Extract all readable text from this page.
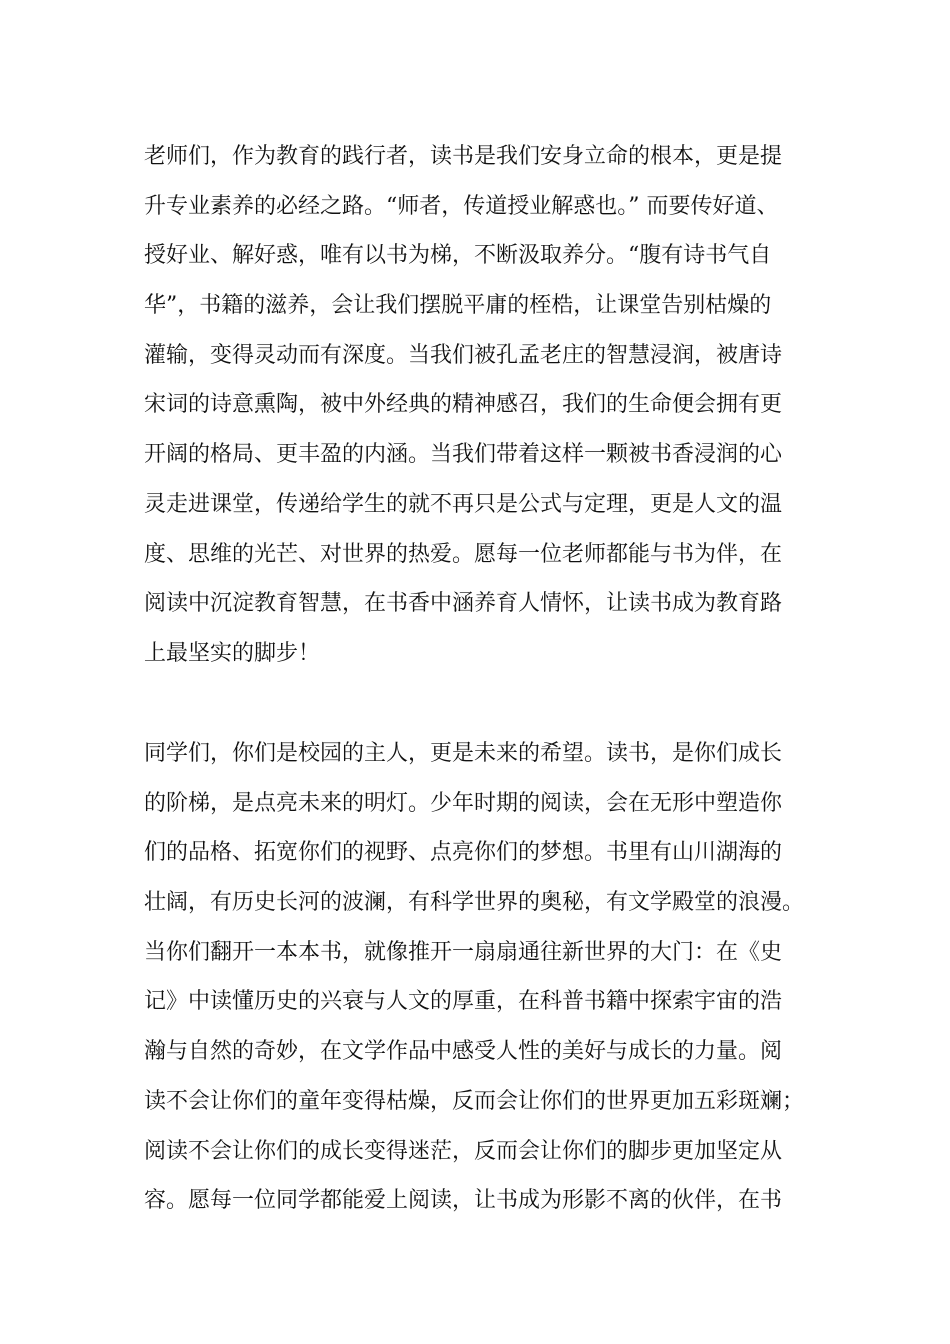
老师们，作为教育的践行者，读书是我们安身立命的根本，更是提
升专业素养的必经之路。“师者，传道授业解惑也。” 而要传好道、
授好业、解好惑，唯有以书为梯，不断汲取养分。“腹有诗书气自
华”，书籍的滋养，会让我们摆脱平庸的桎梏，让课堂告别枯燥的
灌输，变得灵动而有深度。当我们被孔孟老庄的智慧浸润，被唐诗
宋词的诗意熏陶，被中外经典的精神感召，我们的生命便会拥有更
开阔的格局、更丰盈的内涵。当我们带着这样一颗被书香浸润的心
灵走进课堂，传递给学生的就不再只是公式与定理，更是人文的温
度、思维的光芒、对世界的热爱。愿每一位老师都能与书为伴，在
阅读中沉淀教育智慧，在书香中涵养育人情怀，让读书成为教育路
上最坚实的脚步！
同学们，你们是校园的主人，更是未来的希望。读书，是你们成长
的阶梯，是点亮未来的明灯。少年时期的阅读，会在无形中塑造你
们的品格、拓宽你们的视野、点亮你们的梦想。书里有山川湖海的
壮阔，有历史长河的波澜，有科学世界的奥秘，有文学殿堂的浪漫。
当你们翻开一本本书，就像推开一扇扇通往新世界的大门：在《史
记》中读懂历史的兴衰与人文的厚重，在科普书籍中探索宇宙的浩
瀚与自然的奇妙，在文学作品中感受人性的美好与成长的力量。阅
读不会让你们的童年变得枯燥，反而会让你们的世界更加五彩斑斓；
阅读不会让你们的成长变得迷茫，反而会让你们的脚步更加坚定从
容。愿每一位同学都能爱上阅读，让书成为形影不离的伙伴，在书
